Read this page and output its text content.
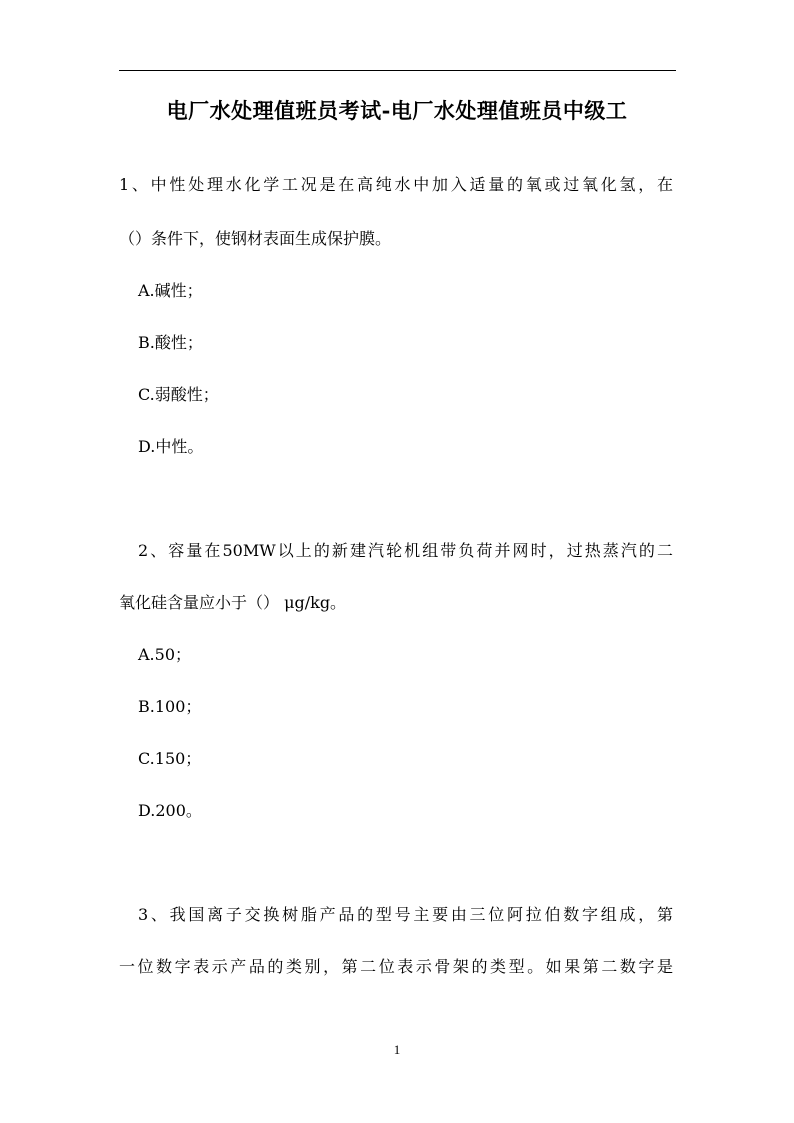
电厂水处理值班员考试-电厂水处理值班员中级工
1、中性处理水化学工况是在高纯水中加入适量的氧或过氧化氢，在
（）条件下，使钢材表面生成保护膜。
A.碱性；
B.酸性；
C.弱酸性；
D.中性。
2、容量在50MW以上的新建汽轮机组带负荷并网时，过热蒸汽的二
氧化硅含量应小于（） μg/kg。
A.50；
B.100；
C.150；
D.200。
3、我国离子交换树脂产品的型号主要由三位阿拉伯数字组成，第
一位数字表示产品的类别，第二位表示骨架的类型。如果第二数字是
1
